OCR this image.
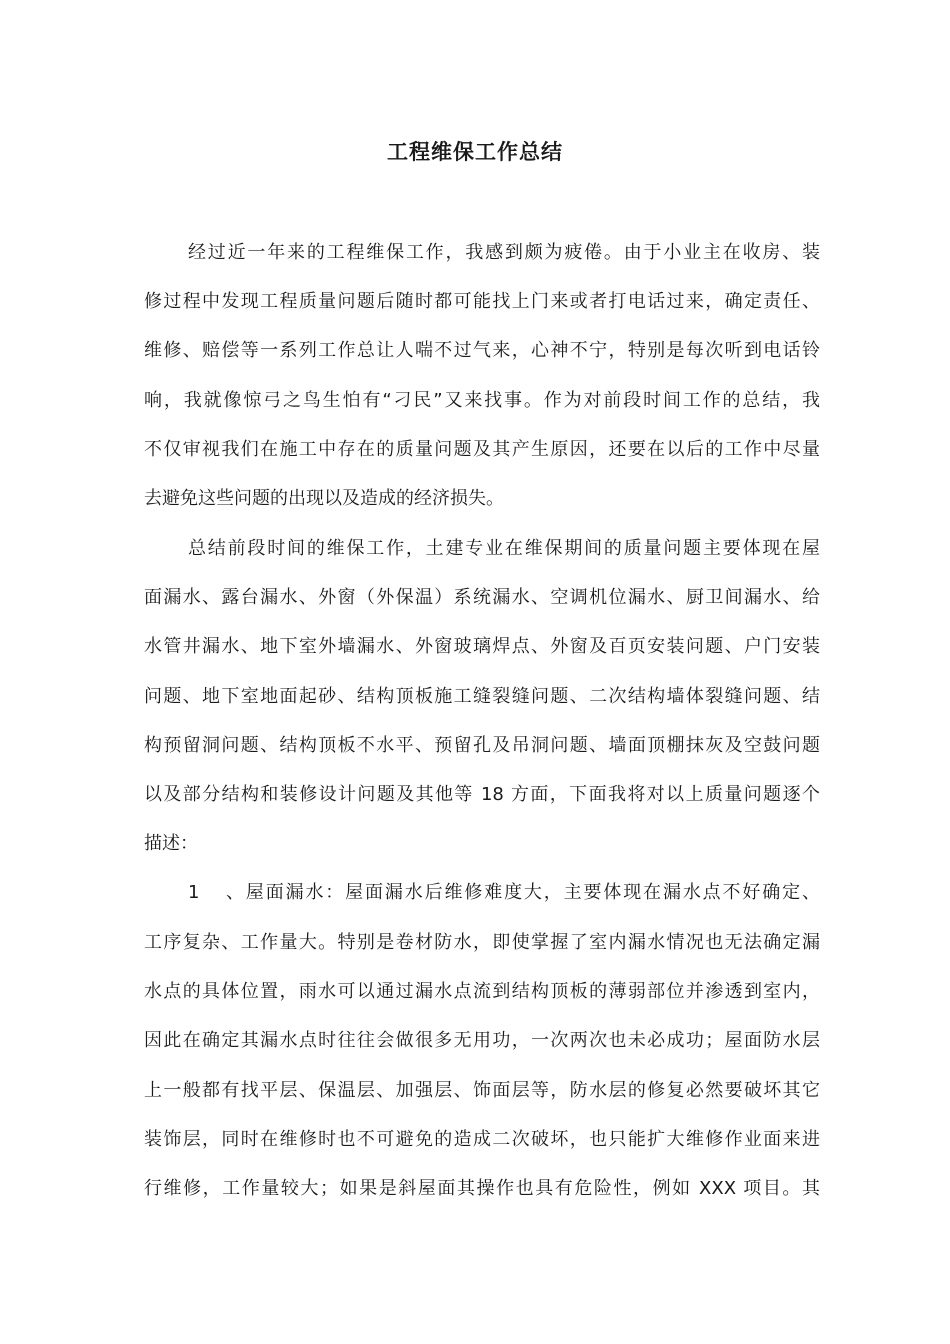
工程维保工作总结
经过近一年来的工程维保工作，我感到颇为疲倦。由于小业主在收房、装
修过程中发现工程质量问题后随时都可能找上门来或者打电话过来，确定责任、
维修、赔偿等一系列工作总让人喘不过气来，心神不宁，特别是每次听到电话铃
响，我就像惊弓之鸟生怕有“刁民”又来找事。作为对前段时间工作的总结，我
不仅审视我们在施工中存在的质量问题及其产生原因，还要在以后的工作中尽量
去避免这些问题的出现以及造成的经济损失。
总结前段时间的维保工作，土建专业在维保期间的质量问题主要体现在屋
面漏水、露台漏水、外窗（外保温）系统漏水、空调机位漏水、厨卫间漏水、给
水管井漏水、地下室外墙漏水、外窗玻璃焊点、外窗及百页安装问题、户门安装
问题、地下室地面起砂、结构顶板施工缝裂缝问题、二次结构墙体裂缝问题、结
构预留洞问题、结构顶板不水平、预留孔及吊洞问题、墙面顶棚抹灰及空鼓问题
以及部分结构和装修设计问题及其他等 18 方面，下面我将对以上质量问题逐个
描述：
1、屋面漏水：屋面漏水后维修难度大，主要体现在漏水点不好确定、
工序复杂、工作量大。特别是卷材防水，即使掌握了室内漏水情况也无法确定漏
水点的具体位置，雨水可以通过漏水点流到结构顶板的薄弱部位并渗透到室内，
因此在确定其漏水点时往往会做很多无用功，一次两次也未必成功；屋面防水层
上一般都有找平层、保温层、加强层、饰面层等，防水层的修复必然要破坏其它
装饰层，同时在维修时也不可避免的造成二次破坏，也只能扩大维修作业面来进
行维修，工作量较大；如果是斜屋面其操作也具有危险性，例如 XXX 项目。其
